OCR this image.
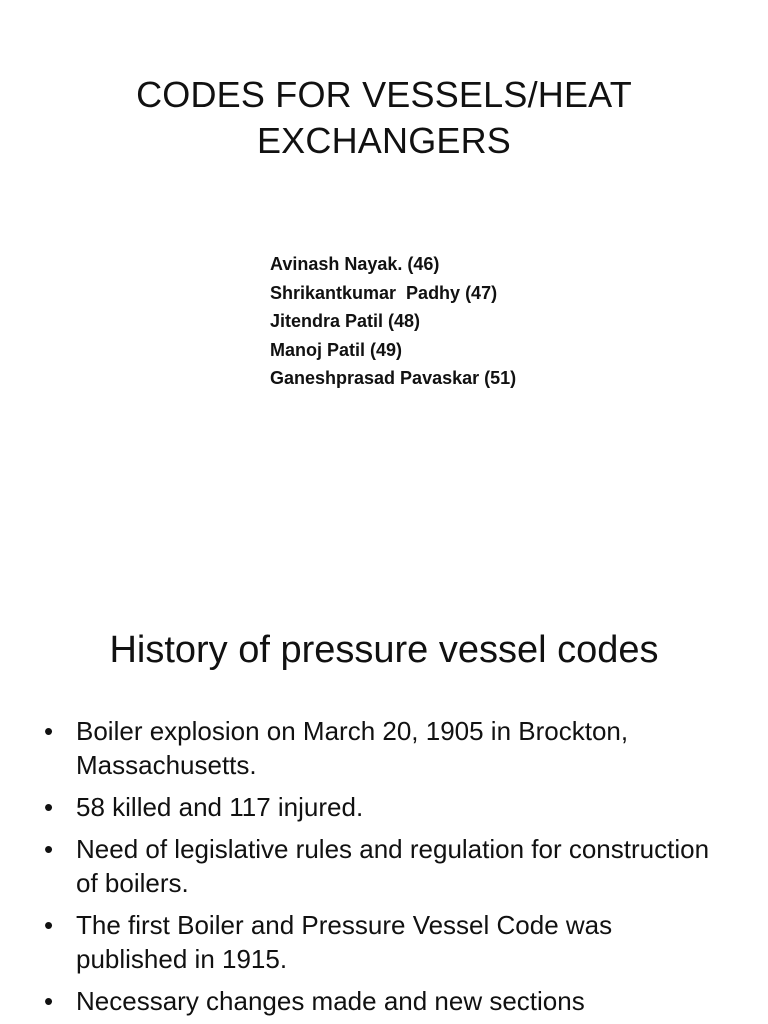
CODES FOR VESSELS/HEAT
EXCHANGERS
Avinash Nayak. (46)
Shrikantkumar  Padhy (47)
Jitendra Patil (48)
Manoj Patil (49)
Ganeshprasad Pavaskar (51)
History of pressure vessel codes
• Boiler explosion on March 20, 1905 in Brockton, Massachusetts.
• 58 killed and 117 injured.
• Need of legislative rules and regulation for construction of boilers.
• The first Boiler and Pressure Vessel Code was published in 1915.
• Necessary changes made and new sections
